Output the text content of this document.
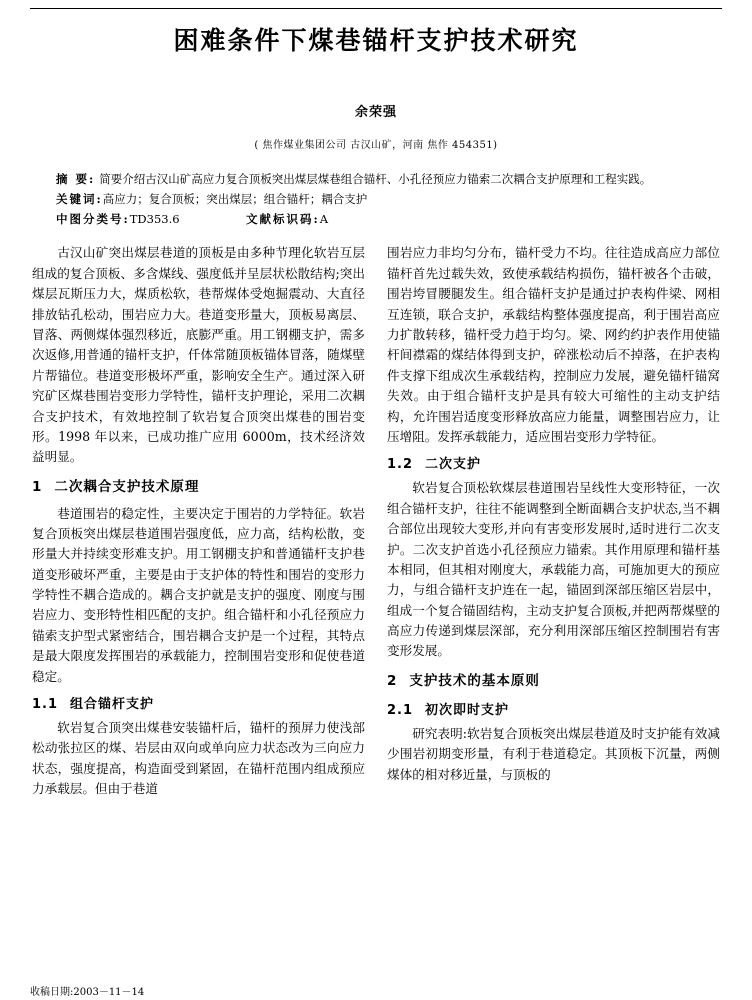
困难条件下煤巷锚杆支护技术研究
余荣强
( 焦作煤业集团公司 古汉山矿，河南 焦作 454351)
摘 要: 简要介绍古汉山矿高应力复合顶板突出煤层煤巷组合锚杆、小孔径预应力锚索二次耦合支护原理和工程实践。
关键词:高应力；复合顶板；突出煤层；组合锚杆；耦合支护
中图分类号:TD353.6	文献标识码:A

古汉山矿突出煤层巷道的顶板是由多种节理化软岩互层组成的复合顶板、多含煤线、强度低并呈层状松散结构;突出煤层瓦斯压力大，煤质松软，巷帮煤体受炮掘震动、大直径排放钻孔松动，围岩应力大。巷道变形量大，顶板易离层、冒落、两侧煤体强烈移近，底膨严重。用工钢棚支护，需多次返修,用普通的锚杆支护，仟体常随顶板锚体冒落，随煤壁片帮锚位。巷道变形极坏严重，影响安全生产。通过深入研究矿区煤巷围岩变形力学特性，锚杆支护理论，采用二次耦合支护技术，有效地控制了软岩复合顶突出煤巷的围岩变形。1998 年以来，已成功推广应用 6000m，技术经济效益明显。

1 二次耦合支护技术原理

巷道围岩的稳定性，主要决定于围岩的力学特征。软岩复合顶板突出煤层巷道围岩强度低，应力高，结构松散，变形量大并持续变形难支护。用工钢棚支护和普通锚杆支护巷道变形破坏严重，主要是由于支护体的特性和围岩的变形力学特性不耦合造成的。耦合支护就是支护的强度、刚度与围岩应力、变形特性相匹配的支护。组合锚杆和小孔径预应力锚索支护型式紧密结合，围岩耦合支护是一个过程，其特点是最大限度发挥围岩的承载能力，控制围岩变形和促使巷道稳定。

1.1 组合锚杆支护

软岩复合顶突出煤巷安装锚杆后，锚杆的预屏力使浅部松动张拉区的煤、岩层由双向或单向应力状态改为三向应力状态，强度提高，构造面受到紧固，在锚杆范围内组成预应力承载层。但由于巷道

围岩应力非均匀分布，锚杆受力不均。往往造成高应力部位锚杆首先过载失效，致使承载结构损伤，锚杆被各个击破，围岩垮冒腰腿发生。组合锚杆支护是通过护表构件梁、网相互连锁，联合支护，承载结构整体强度提高，利于围岩高应力扩散转移，锚杆受力趋于均匀。梁、网约约护表作用使锚杆间襟霜的煤结体得到支护，碎涨松动后不掉落，在护表构件支撑下组成次生承载结构，控制应力发展，避免锚杆锚窝失效。由于组合锚杆支护是具有较大可缩性的主动支护结构，允许围岩适度变形释放高应力能量，调整围岩应力，让压增阻。发挥承载能力，适应围岩变形力学特征。

1.2 二次支护

软岩复合顶松软煤层巷道围岩呈线性大变形特征，一次组合锚杆支护，往往不能调整到全断面耦合支护状态,当不耦合部位出现较大变形,并向有害变形发展时,适时进行二次支护。二次支护首选小孔径预应力锚索。其作用原理和锚杆基本相同，但其相对刚度大，承载能力高，可施加更大的预应力，与组合锚杆支护连在一起，锚固到深部压缩区岩层中，组成一个复合锚固结构，主动支护复合顶板,并把两帮煤壁的高应力传递到煤层深部，充分利用深部压缩区控制围岩有害变形发展。

2 支护技术的基本原则
2.1 初次即时支护

研究表明:软岩复合顶板突出煤层巷道及时支护能有效减少围岩初期变形量，有利于巷道稳定。其顶板下沉量，两侧煤体的相对移近量，与顶板的

收稿日期:2003－11－14
